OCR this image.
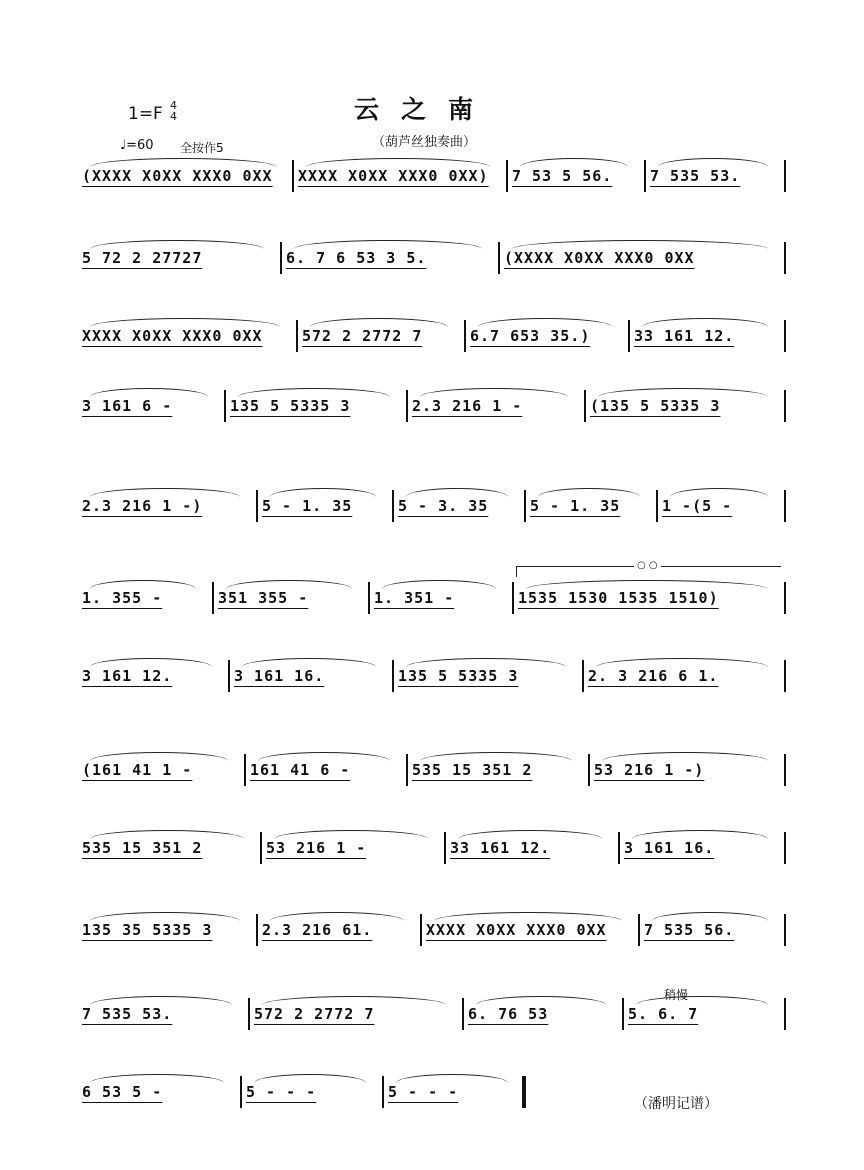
1=F 4
4
♩=60 全按作5
云之南
（葫芦丝独奏曲）
稍慢
○ ○
(XXXX X0XX XXX0 0XX	XXXX X0XX XXX0 0XX)	7 53 5 56.	7 535 53.
5 72 2 27727	6. 7 6 53 3 5.	(XXXX X0XX XXX0 0XX
XXXX X0XX XXX0 0XX	572 2 2772 7	6.7 653 35.)	33 161 12.
3 161 6 -	135 5 5335 3	2.3 216 1 -	(135 5 5335 3
2.3 216 1 -)	5 - 1. 35	5 - 3. 35	5 - 1. 35	1 -(5 -
1. 355 -	351 355 -	1. 351 -	1535 1530 1535 1510)
3 161 12.	3 161 16.	135 5 5335 3	2. 3 216 6 1.
(161 41 1 -	161 41 6 -	535 15 351 2	53 216 1 -)
535 15 351 2	53 216 1 -	33 161 12.	3 161 16.
135 35 5335 3	2.3 216 61.	XXXX X0XX XXX0 0XX	7 535 56.
7 535 53.	572 2 2772 7	6. 76 53	5. 6. 7
6 53 5 -	5 - - -	5 - - -
（潘明记谱）
